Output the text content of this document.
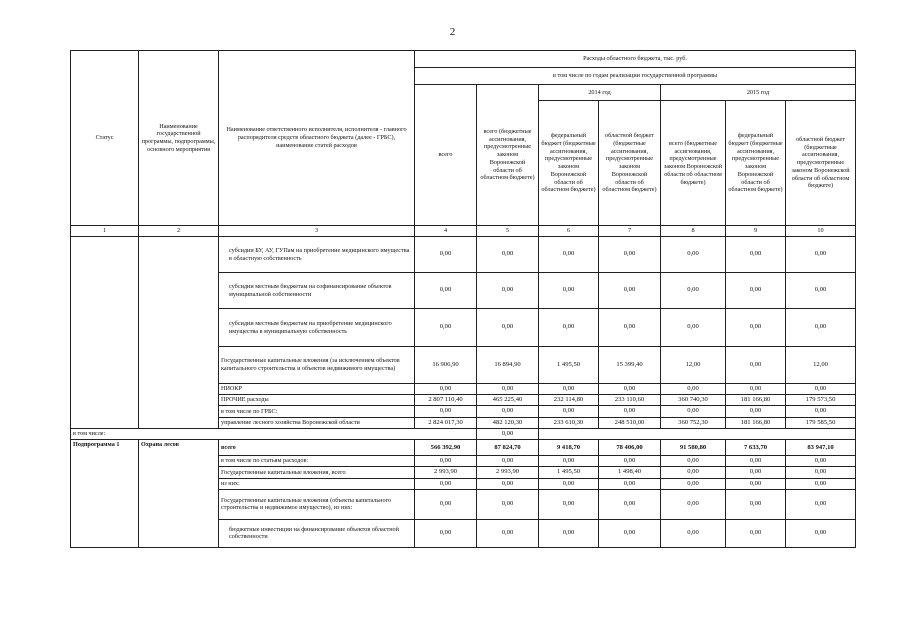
2
Статус	Наименование государственной программы, подпрограммы, основного мероприятия	Наименование ответственного исполнителя, исполнителя - главного распорядителя средств областного бюджета (далее - ГРБС), наименование статей расходов	Расходы областного бюджета, тыс. руб.						
			в том числе по годам реализации государственной программы						
			всего	всего (бюджетные ассигнования, предусмотренные законом Воронежской области об областном бюджете)	2014 год		2015 год		
					федеральный бюджет (бюджетные ассигнования, предусмотренные законом Воронежской области об областном бюджете)	областной бюджет (бюджетные ассигнования, предусмотренные законом Воронежской области об областном бюджете)	всего (бюджетные ассигнования, предусмотренные законом Воронежской области об областном бюджете)	федеральный бюджет (бюджетные ассигнования, предусмотренные законом Воронежской области об областном бюджете)	областной бюджет (бюджетные ассигнования, предусмотренные законом Воронежской области об областном бюджете)
1	2	3	4	5	6	7	8	9	10
		субсидии БУ, АУ, ГУПам на приобретение медицинского имущества в областную собственность	0,00	0,00	0,00	0,00	0,00	0,00	0,00
		субсидии местным бюджетам на софинансирование объектов муниципальной собственности	0,00	0,00	0,00	0,00	0,00	0,00	0,00
		субсидии местным бюджетам на приобретение медицинского имущества в муниципальную собственность	0,00	0,00	0,00	0,00	0,00	0,00	0,00
		Государственные капитальные вложения (за исключением объектов капитального строительства и объектов недвижимого имущества)	16 906,90	16 894,90	1 495,50	15 399,40	12,00	0,00	12,00
		НИОКР	0,00	0,00	0,00	0,00	0,00	0,00	0,00
		ПРОЧИЕ расходы	2 807 110,40	465 225,40	232 114,80	233 110,60	360 740,30	181 166,80	179 573,50
		в том числе по ГРБС:	0,00	0,00	0,00	0,00	0,00	0,00	0,00
		управление лесного хозяйства Воронежской области	2 824 017,30	482 120,30	233 610,30	248 510,00	360 752,30	181 166,80	179 585,50
в том числе:				0,00					
Подпрограмма 1	Охрана лесов	всего	566 392,90	87 824,70	9 418,70	78 406,00	91 580,80	7 633,70	83 947,10
		в том числе по статьям расходов:	0,00	0,00	0,00	0,00	0,00	0,00	0,00
		Государственные капитальные вложения, всего	2 993,90	2 993,90	1 495,50	1 498,40	0,00	0,00	0,00
		из них:	0,00	0,00	0,00	0,00	0,00	0,00	0,00
		Государственные капитальные вложения (объекты капитального строительства и недвижимое имущество), из них:	0,00	0,00	0,00	0,00	0,00	0,00	0,00
		бюджетные инвестиции на финансирование объектов областной собственности	0,00	0,00	0,00	0,00	0,00	0,00	0,00
